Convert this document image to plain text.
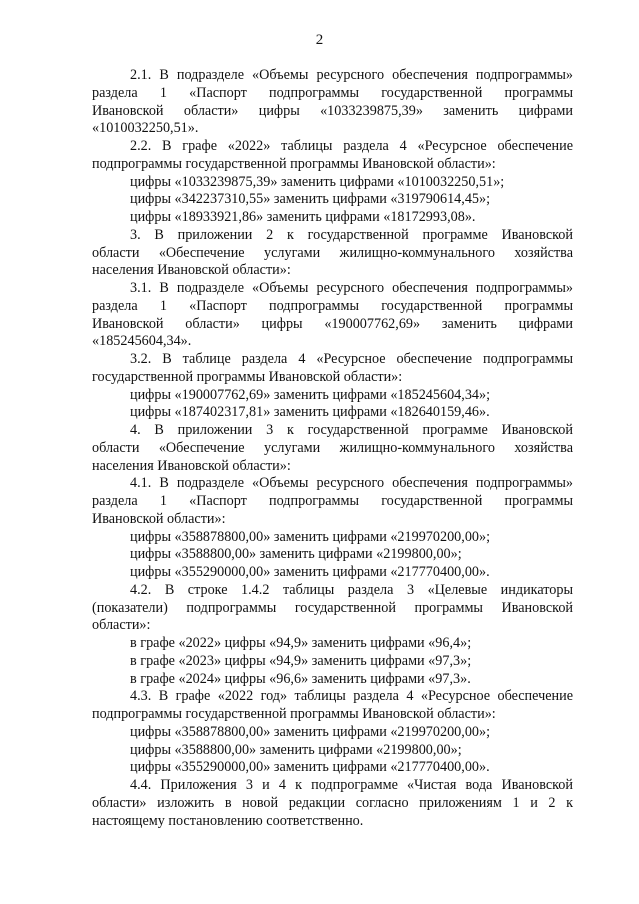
2
2.1. В подразделе «Объемы ресурсного обеспечения подпрограммы»
раздела 1 «Паспорт подпрограммы государственной программы
Ивановской области» цифры «1033239875,39» заменить цифрами
«1010032250,51».
2.2. В графе «2022» таблицы раздела 4 «Ресурсное обеспечение
подпрограммы государственной программы Ивановской области»:
цифры «1033239875,39» заменить цифрами «1010032250,51»;
цифры «342237310,55» заменить цифрами «319790614,45»;
цифры «18933921,86» заменить цифрами «18172993,08».
3. В приложении 2 к государственной программе Ивановской
области «Обеспечение услугами жилищно-коммунального хозяйства
населения Ивановской области»:
3.1. В подразделе «Объемы ресурсного обеспечения подпрограммы»
раздела 1 «Паспорт подпрограммы государственной программы
Ивановской области» цифры «190007762,69» заменить цифрами
«185245604,34».
3.2. В таблице раздела 4 «Ресурсное обеспечение подпрограммы
государственной программы Ивановской области»:
цифры «190007762,69» заменить цифрами «185245604,34»;
цифры «187402317,81» заменить цифрами «182640159,46».
4. В приложении 3 к государственной программе Ивановской
области «Обеспечение услугами жилищно-коммунального хозяйства
населения Ивановской области»:
4.1. В подразделе «Объемы ресурсного обеспечения подпрограммы»
раздела 1 «Паспорт подпрограммы государственной программы
Ивановской области»:
цифры «358878800,00» заменить цифрами «219970200,00»;
цифры «3588800,00» заменить цифрами «2199800,00»;
цифры «355290000,00» заменить цифрами «217770400,00».
4.2. В строке 1.4.2 таблицы раздела 3 «Целевые индикаторы
(показатели) подпрограммы государственной программы Ивановской
области»:
в графе «2022» цифры «94,9» заменить цифрами «96,4»;
в графе «2023» цифры «94,9» заменить цифрами «97,3»;
в графе «2024» цифры «96,6» заменить цифрами «97,3».
4.3. В графе «2022 год» таблицы раздела 4 «Ресурсное обеспечение
подпрограммы государственной программы Ивановской области»:
цифры «358878800,00» заменить цифрами «219970200,00»;
цифры «3588800,00» заменить цифрами «2199800,00»;
цифры «355290000,00» заменить цифрами «217770400,00».
4.4. Приложения 3 и 4 к подпрограмме «Чистая вода Ивановской
области» изложить в новой редакции согласно приложениям 1 и 2 к
настоящему постановлению соответственно.
